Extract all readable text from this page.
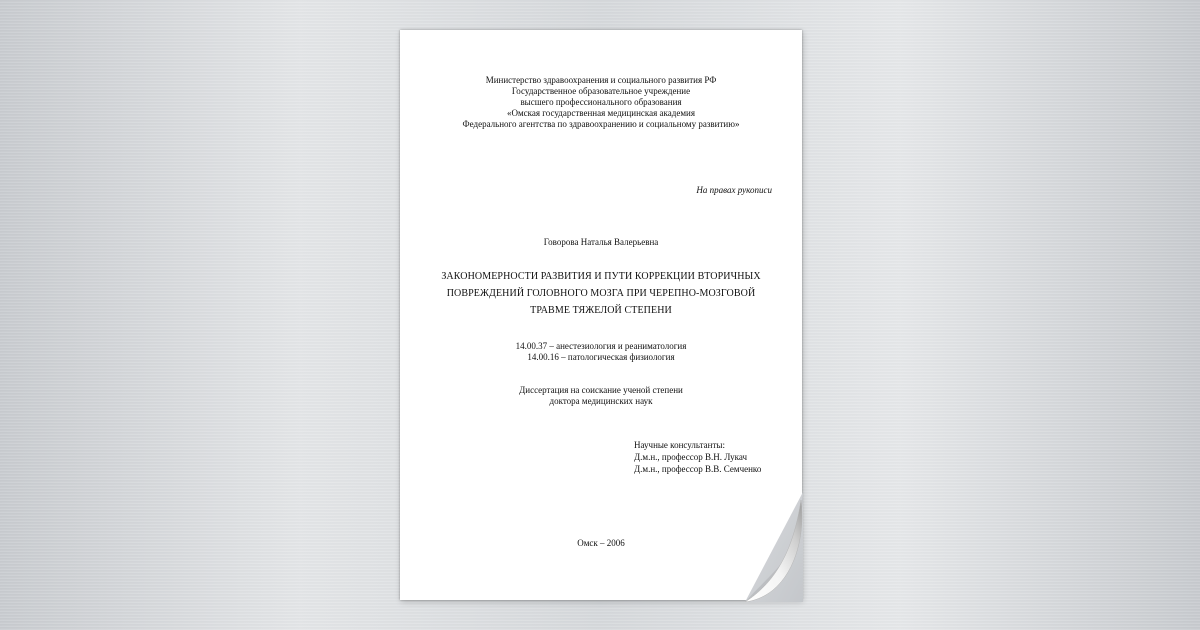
Министерство здравоохранения и социального развития РФ
Государственное образовательное учреждение
высшего профессионального образования
«Омская государственная медицинская академия
Федерального агентства по здравоохранению и социальному развитию»
На правах рукописи
Говорова Наталья Валерьевна
ЗАКОНОМЕРНОСТИ РАЗВИТИЯ И ПУТИ КОРРЕКЦИИ ВТОРИЧНЫХ
ПОВРЕЖДЕНИЙ ГОЛОВНОГО МОЗГА ПРИ ЧЕРЕПНО-МОЗГОВОЙ
ТРАВМЕ ТЯЖЕЛОЙ СТЕПЕНИ
14.00.37 – анестезиология и реаниматология
14.00.16 – патологическая физиология
Диссертация на соискание ученой степени
доктора медицинских наук
Научные консультанты:
Д.м.н., профессор В.Н. Лукач
Д.м.н., профессор В.В. Семченко
Омск – 2006
